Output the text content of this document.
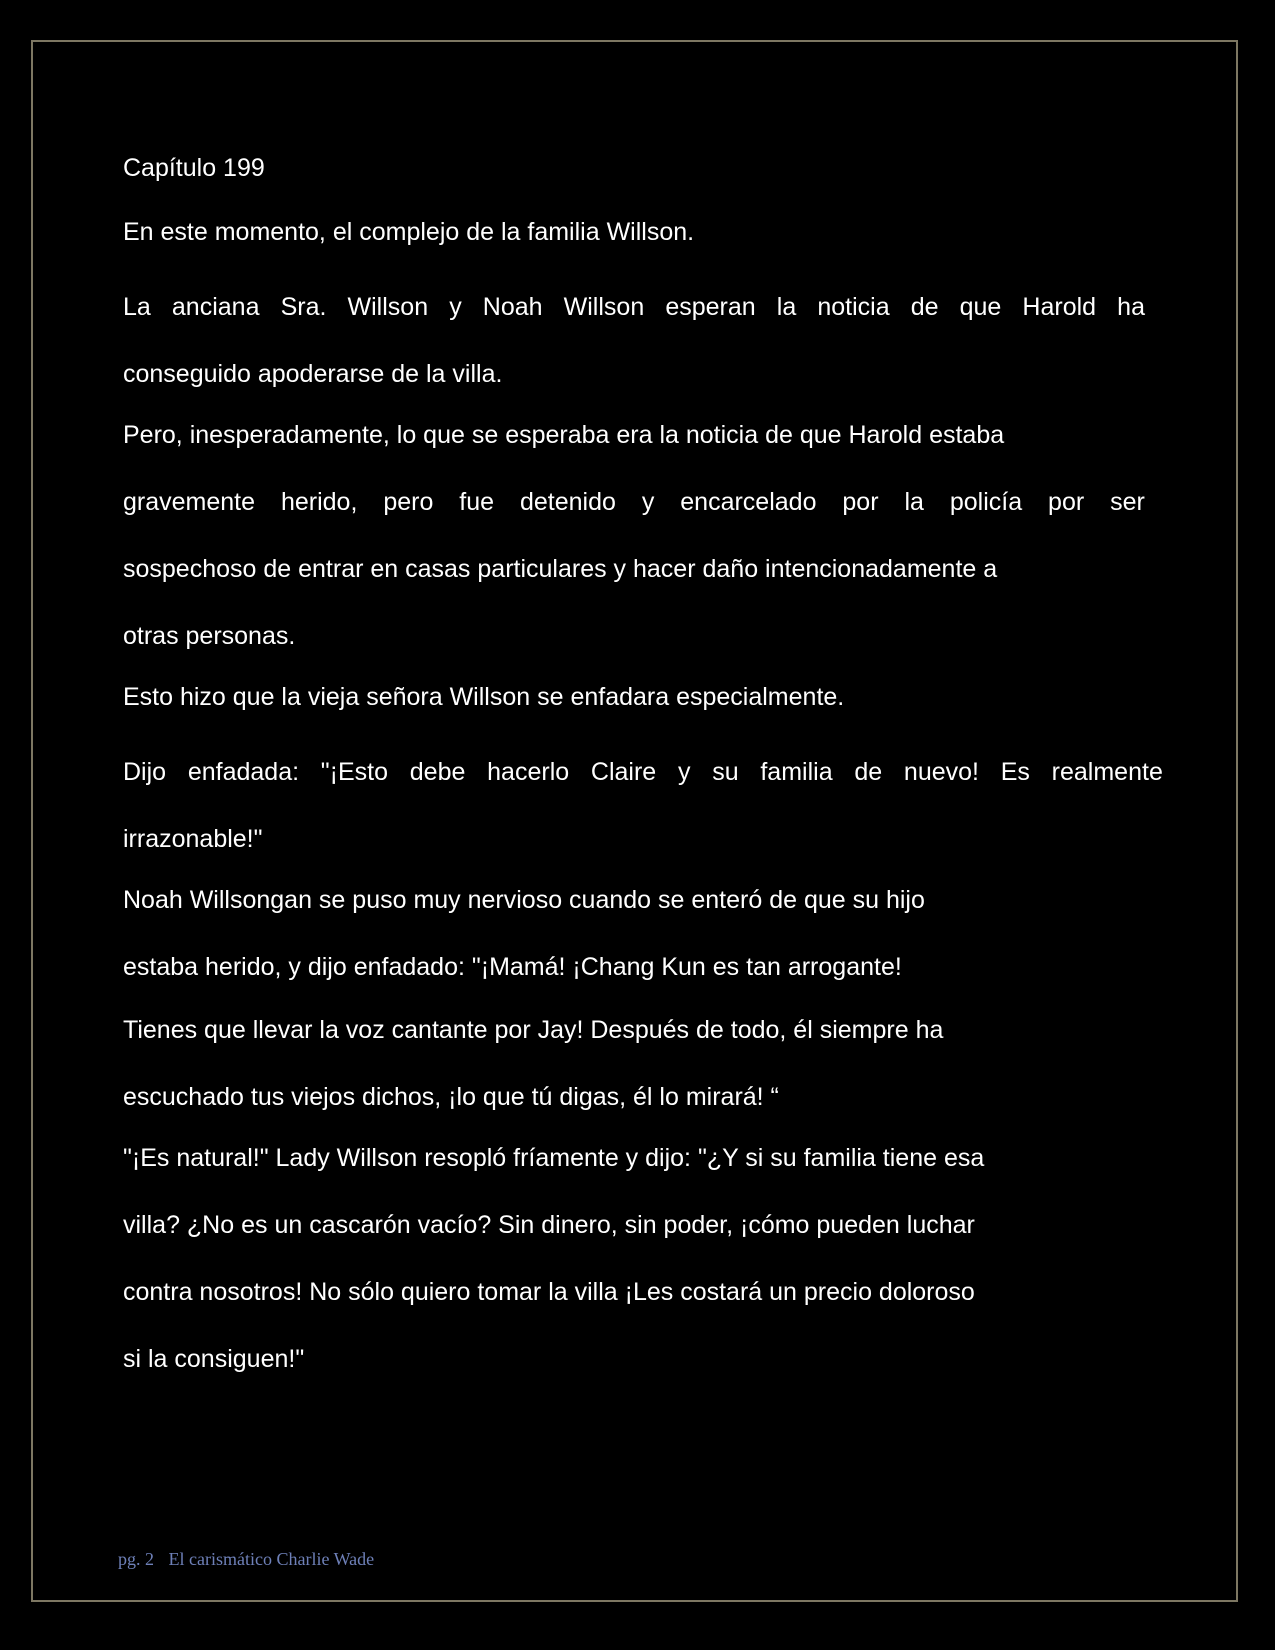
Capítulo 199

En este momento, el complejo de la familia Willson.

La anciana Sra. Willson y Noah Willson esperan la noticia de que Harold ha
conseguido apoderarse de la villa.

Pero, inesperadamente, lo que se esperaba era la noticia de que Harold estaba
gravemente herido, pero fue detenido y encarcelado por la policía por ser
sospechoso de entrar en casas particulares y hacer daño intencionadamente a
otras personas.

Esto hizo que la vieja señora Willson se enfadara especialmente.

Dijo enfadada: "¡Esto debe hacerlo Claire y su familia de nuevo! Es realmente
irrazonable!"

Noah Willsongan se puso muy nervioso cuando se enteró de que su hijo
estaba herido, y dijo enfadado: "¡Mamá! ¡Chang Kun es tan arrogante!
Tienes que llevar la voz cantante por Jay! Después de todo, él siempre ha
escuchado tus viejos dichos, ¡lo que tú digas, él lo mirará! “

"¡Es natural!" Lady Willson resopló fríamente y dijo: "¿Y si su familia tiene esa
villa? ¿No es un cascarón vacío? Sin dinero, sin poder, ¡cómo pueden luchar
contra nosotros! No sólo quiero tomar la villa ¡Les costará un precio doloroso
si la consiguen!"

pg. 2 El carismático Charlie Wade
